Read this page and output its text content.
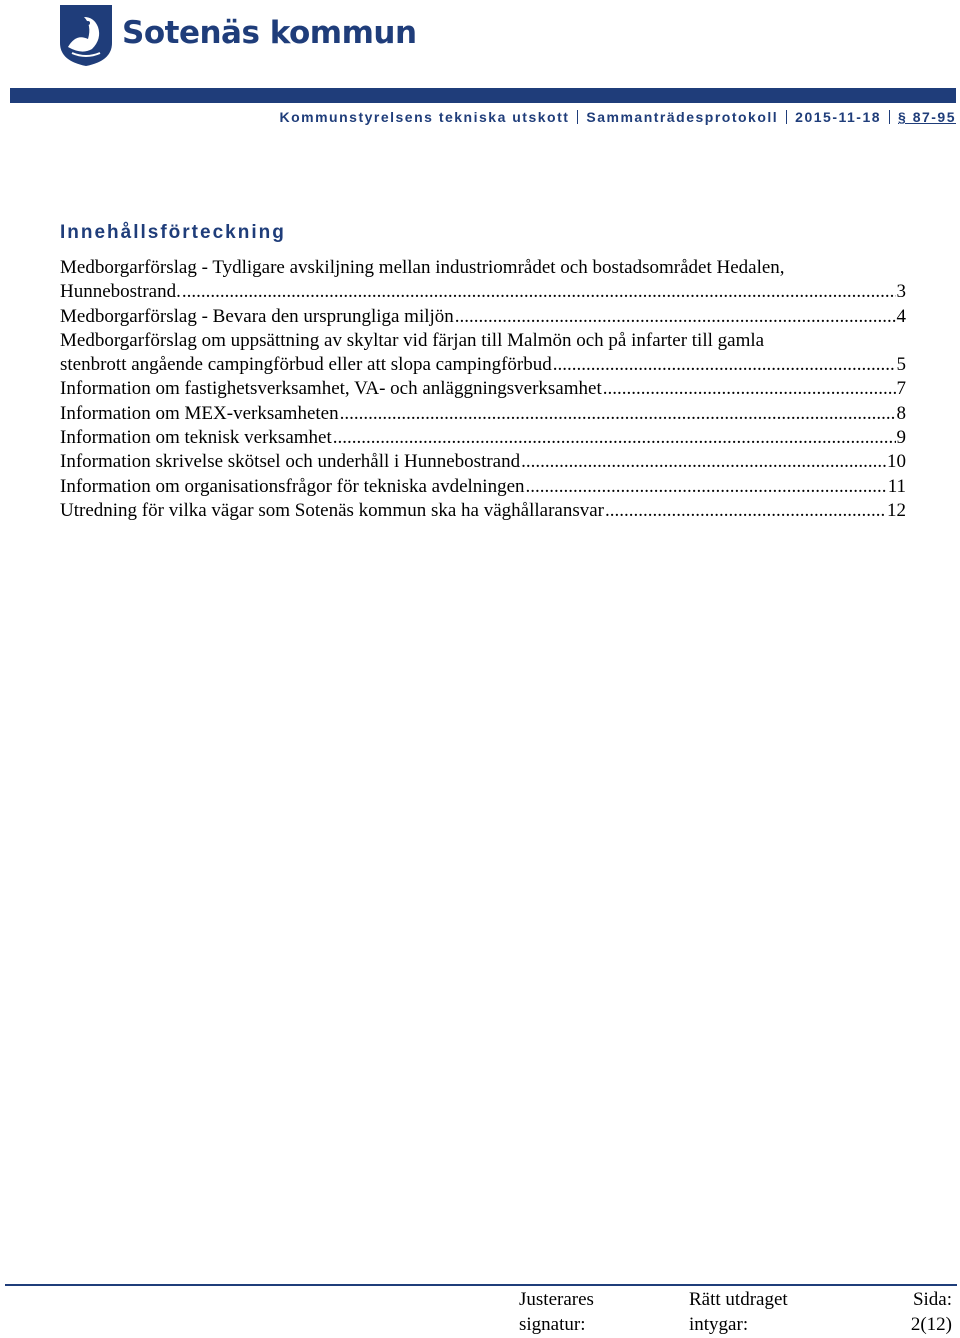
Sotenäs kommun
Kommunstyrelsens tekniska utskott Sammanträdesprotokoll 2015-11-18 § 87-95
Innehållsförteckning
Medborgarförslag - Tydligare avskiljning mellan industriområdet och bostadsområdet Hedalen,
Hunnebostrand. .....	3
Medborgarförslag - Bevara den ursprungliga miljön .....	4
Medborgarförslag om uppsättning av skyltar vid färjan till Malmön och på infarter till gamla
stenbrott angående campingförbud eller att slopa campingförbud .....	5
Information om fastighetsverksamhet, VA- och anläggningsverksamhet .....	7
Information om MEX-verksamheten .....	8
Information om teknisk verksamhet .....	9
Information skrivelse skötsel och underhåll i Hunnebostrand .....	10
Information om organisationsfrågor för tekniska avdelningen .....	11
Utredning för vilka vägar som Sotenäs kommun ska ha väghållaransvar .....	12
Justerares
signatur:
Rätt utdraget
intygar:
Sida:
2(12)
